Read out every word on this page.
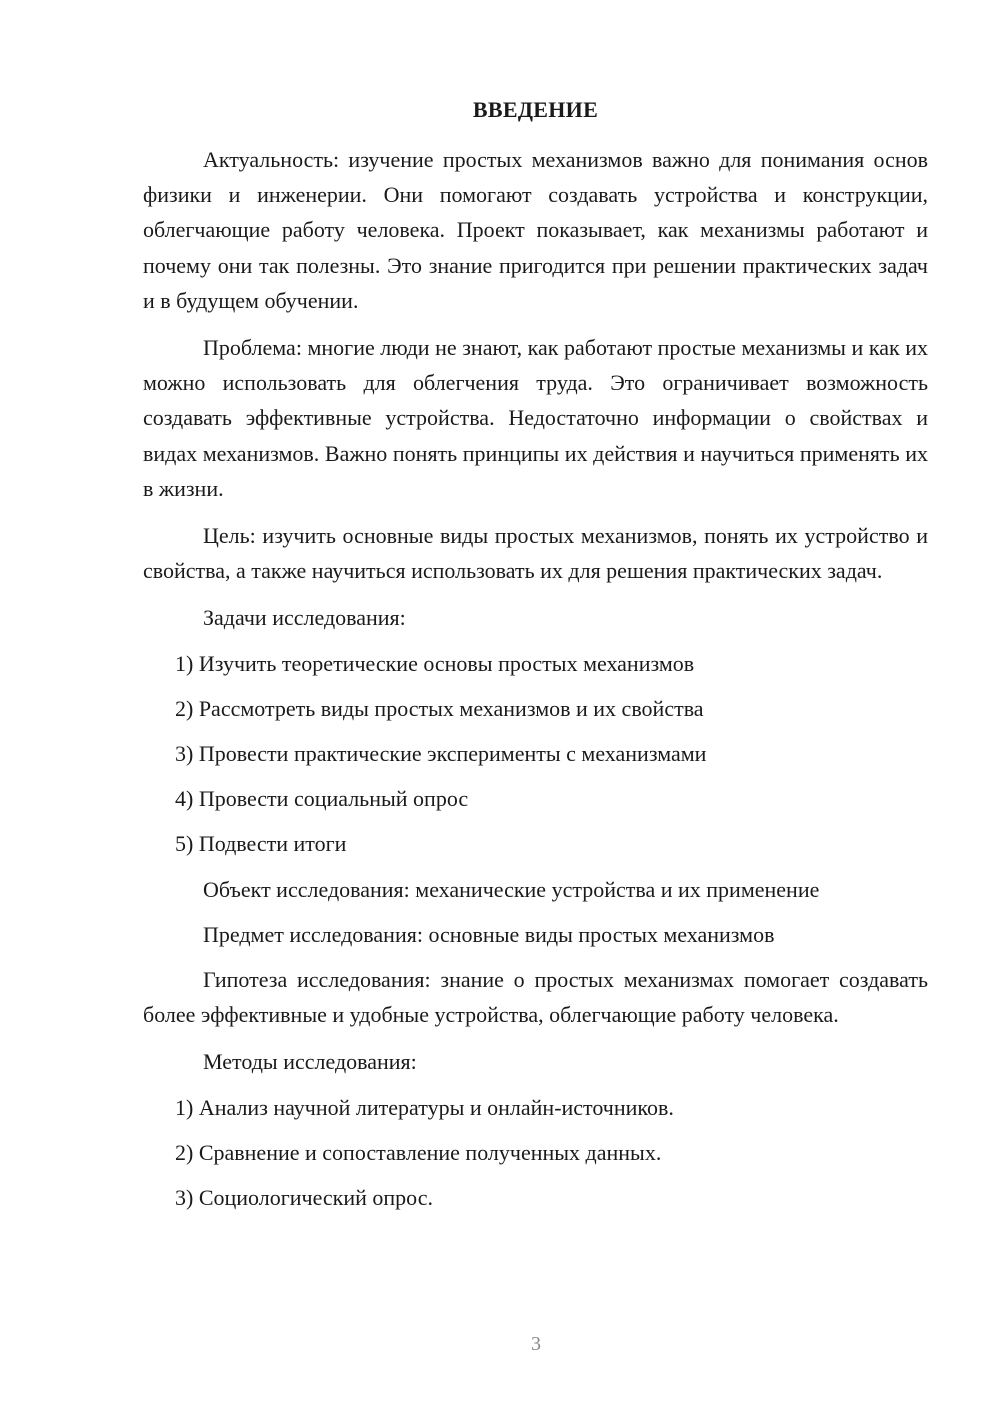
ВВЕДЕНИЕ

Актуальность: изучение простых механизмов важно для понимания основ физики и инженерии. Они помогают создавать устройства и конструкции, облегчающие работу человека. Проект показывает, как механизмы работают и почему они так полезны. Это знание пригодится при решении практических задач и в будущем обучении.

Проблема: многие люди не знают, как работают простые механизмы и как их можно использовать для облегчения труда. Это ограничивает возможность создавать эффективные устройства. Недостаточно информации о свойствах и видах механизмов. Важно понять принципы их действия и научиться применять их в жизни.

Цель: изучить основные виды простых механизмов, понять их устройство и свойства, а также научиться использовать их для решения практических задач.

Задачи исследования:
1) Изучить теоретические основы простых механизмов
2) Рассмотреть виды простых механизмов и их свойства
3) Провести практические эксперименты с механизмами
4) Провести социальный опрос
5) Подвести итоги
Объект исследования: механические устройства и их применение
Предмет исследования: основные виды простых механизмов

Гипотеза исследования: знание о простых механизмах помогает создавать более эффективные и удобные устройства, облегчающие работу человека.

Методы исследования:
1) Анализ научной литературы и онлайн-источников.
2) Сравнение и сопоставление полученных данных.
3) Социологический опрос.
3
